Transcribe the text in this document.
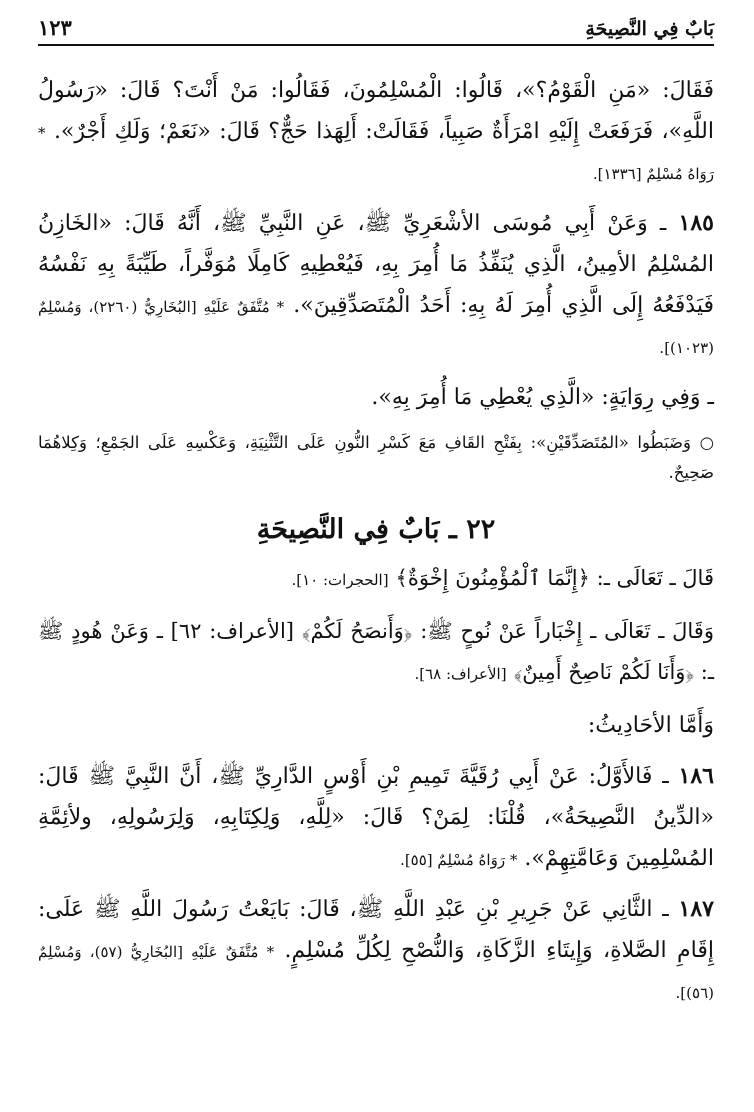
بَابٌ فِي النَّصِيحَةِ
١٢٣

فَقَالَ: «مَنِ الْقَوْمُ؟»، قَالُوا: الْمُسْلِمُونَ، فَقَالُوا: مَنْ أَنْتَ؟ قَالَ: «رَسُولُ اللَّهِ»، فَرَفَعَتْ إِلَيْهِ امْرَأَةٌ صَبِياً، فَقَالَتْ: أَلِهَذا حَجٌّ؟ قَالَ: «نَعَمْ؛ وَلَكِ أَجْرٌ». * رَوَاهُ مُسْلِمٌ [١٣٣٦].

١٨٥ ـ وَعَنْ أَبِي مُوسَى الأشْعَرِيِّ ﷺ، عَنِ النَّبِيِّ ﷺ، أَنَّهُ قَالَ: «الخَازِنُ المُسْلِمُ الأمِينُ، الَّذِي يُنَفِّذُ مَا أُمِرَ بِهِ، فَيُعْطِيهِ كَامِلًا مُوَفَّراً، طَيِّبَةً بِهِ نَفْسُهُ فَيَدْفَعُهُ إِلَى الَّذِي أُمِرَ لَهُ بِهِ: أَحَدُ الْمُتَصَدِّقِينَ». * مُتَّفَقٌ عَلَيْهِ [البُخَارِيُّ (٢٢٦٠)، وَمُسْلِمٌ (١٠٢٣)].

ـ وَفِي رِوَايَةٍ: «الَّذِي يُعْطِي مَا أُمِرَ بِهِ».

○ وَضَبَطُوا «المُتَصَدِّقَيْنِ»: بِفَتْحِ القَافِ مَعَ كَسْرِ النُّونِ عَلَى التَّثْنِيَةِ، وَعَكْسِهِ عَلَى الجَمْعِ؛ وَكِلاهُمَا صَحِيحٌ.

٢٢ ـ بَابٌ فِي النَّصِيحَةِ

قَالَ ـ تَعَالَى ـ: ﴿إِنَّمَا ٱلْمُؤْمِنُونَ إِخْوَةٌ﴾ [الحجرات: ١٠].

وَقَالَ ـ تَعَالَى ـ إِخْبَاراً عَنْ نُوحٍ ﷺ: ﴿وَأَنصَحُ لَكُمْ﴾ [الأعراف: ٦٢] ـ وَعَنْ هُودٍ ﷺ ـ: ﴿وَأَنَا لَكُمْ نَاصِحٌ أَمِينٌ﴾ [الأعراف: ٦٨].

وَأَمَّا الأحَادِيثُ:

١٨٦ ـ فَالأَوَّلُ: عَنْ أَبِي رُقَيَّةَ تَمِيمِ بْنِ أَوْسٍ الدَّارِيِّ ﷺ، أَنَّ النَّبِيَّ ﷺ قَالَ: «الدِّينُ النَّصِيحَةُ»، قُلْنَا: لِمَنْ؟ قَالَ: «لِلَّهِ، وَلِكِتَابِهِ، وَلِرَسُولِهِ، ولأئِمَّةِ المُسْلِمِينَ وَعَامَّتِهِمْ». * رَوَاهُ مُسْلِمٌ [٥٥].

١٨٧ ـ الثَّانِي عَنْ جَرِيرِ بْنِ عَبْدِ اللَّهِ ﷺ، قَالَ: بَايَعْتُ رَسُولَ اللَّهِ ﷺ عَلَى: إِقَامِ الصَّلاةِ، وَإِيتَاءِ الزَّكَاةِ، وَالنُّصْحِ لِكُلِّ مُسْلِمٍ. * مُتَّفَقٌ عَلَيْهِ [البُخَارِيُّ (٥٧)، وَمُسْلِمٌ (٥٦)].
